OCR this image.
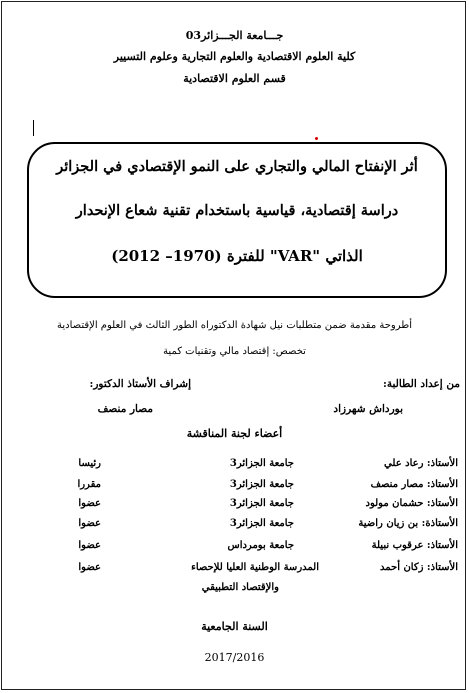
جـــامعة الجـــزائر03
كلية العلوم الاقتصادية والعلوم التجارية وعلوم التسيير
قسم العلوم الاقتصادية
أثر الإنفتاح المالي والتجاري على النمو الإقتصادي في الجزائر
دراسة إقتصادية، قياسية باستخدام تقنية شعاع الإنحدار
الذاتي "VAR" للفترة (1970– 2012)
أطروحة مقدمة ضمن متطلبات نيل شهادة الدكتوراه الطور الثالث في العلوم الإقتصادية
تخصص: إقتصاد مالي وتقنيات كمية
من إعداد الطالبة:
إشراف الأستاذ الدكتور:
بورداش شهرزاد
مصار منصف
أعضاء لجنة المناقشة
الأستاذ: رعاد علي
جامعة الجزائر3
رئيسا
الأستاذ: مصار منصف
جامعة الجزائر3
مقررا
الأستاذ: حشمان مولود
جامعة الجزائر3
عضوا
الأستاذة: بن زيان راضية
جامعة الجزائر3
عضوا
الأستاذ: عرقوب نبيلة
جامعة بومرداس
عضوا
الأستاذ: زكان أحمد
المدرسة الوطنية العليا للإحصاء
والإقتصاد التطبيقي
عضوا
السنة الجامعية
2017/2016
